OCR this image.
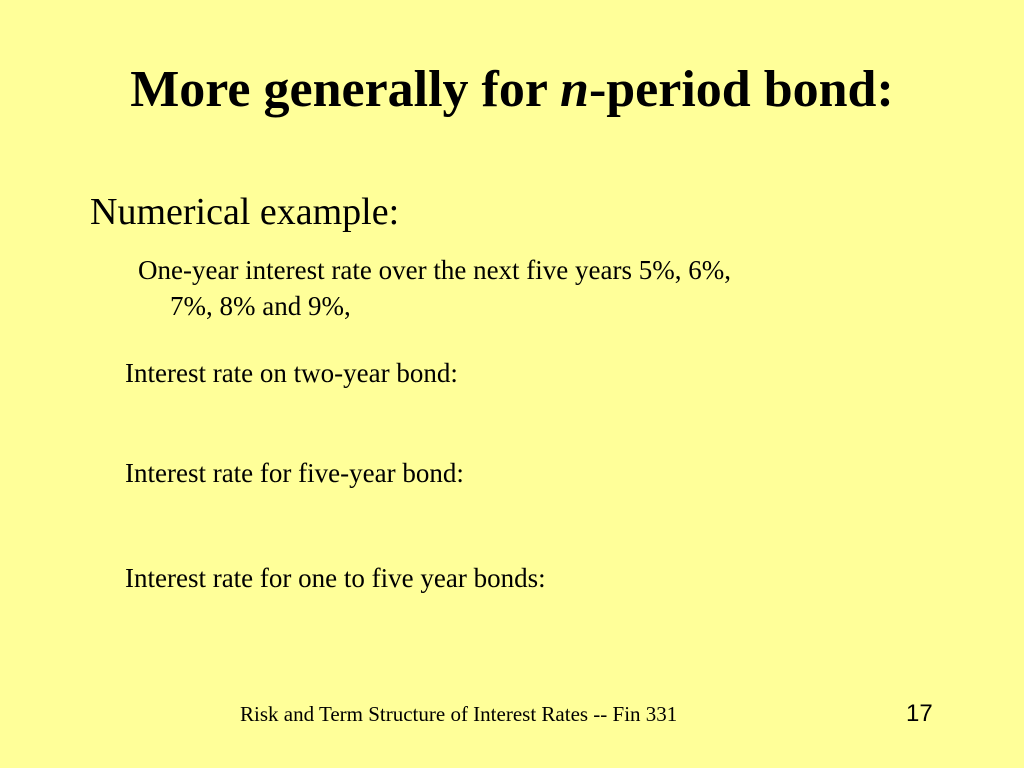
More generally for n-period bond:
Numerical example:
One-year interest rate over the next five years 5%, 6%,
7%, 8% and 9%,
Interest rate on two-year bond:
Interest rate for five-year bond:
Interest rate for one to five year bonds:
Risk and Term Structure of Interest Rates -- Fin 331	17
